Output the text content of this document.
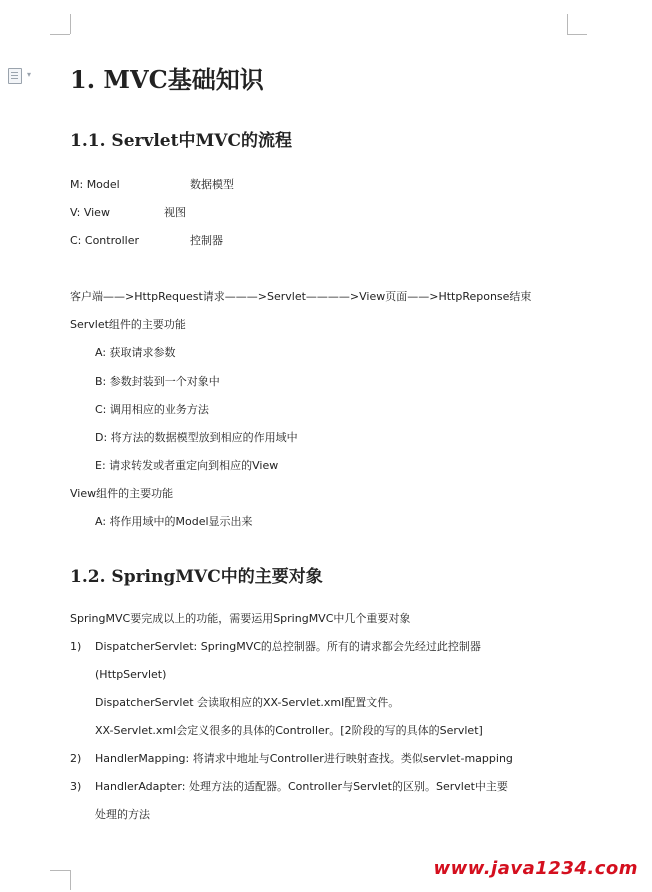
▾ 1. MVC基础知识
1.1. Servlet中MVC的流程
M: Model	数据模型
V: View	视图
C: Controller	控制器
客户端——>HttpRequest请求———>Servlet————>View页面——>HttpReponse结束
Servlet组件的主要功能
A: 获取请求参数
B: 参数封装到一个对象中
C: 调用相应的业务方法
D: 将方法的数据模型放到相应的作用域中
E: 请求转发或者重定向到相应的View
View组件的主要功能
A: 将作用域中的Model显示出来
1.2. SpringMVC中的主要对象
SpringMVC要完成以上的功能，需要运用SpringMVC中几个重要对象
1) DispatcherServlet: SpringMVC的总控制器。所有的请求都会先经过此控制器
(HttpServlet)
DispatcherServlet 会读取相应的XX-Servlet.xml配置文件。
XX-Servlet.xml会定义很多的具体的Controller。[2阶段的写的具体的Servlet]
2) HandlerMapping: 将请求中地址与Controller进行映射查找。类似servlet-mapping
3) HandlerAdapter: 处理方法的适配器。Controller与Servlet的区别。Servlet中主要
处理的方法
www.java1234.com
